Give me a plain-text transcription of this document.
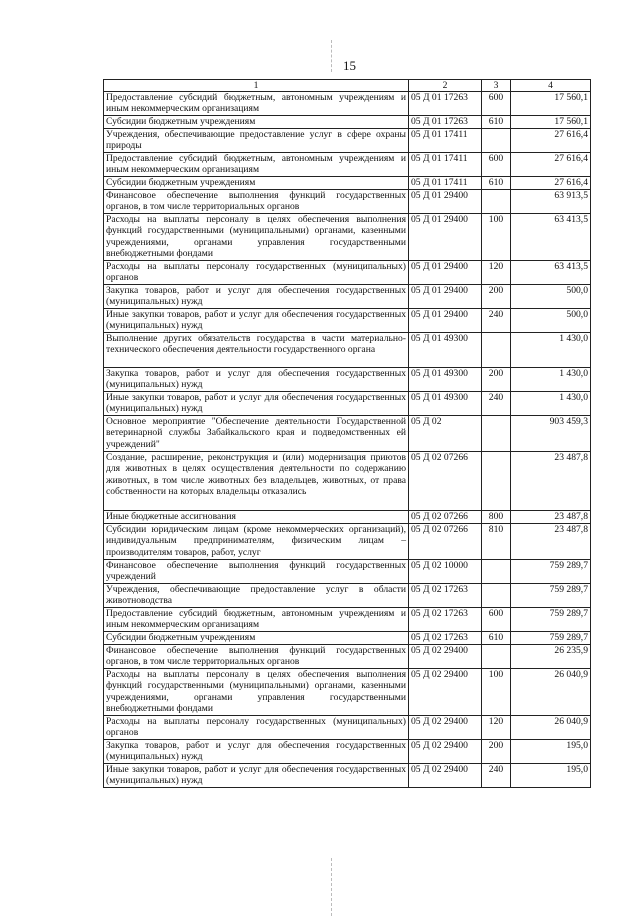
15
1	2	3	4
Предоставление субсидий бюджетным, автономным учреждениям и иным некоммерческим организациям	05 Д 01 17263	600	17 560,1
Субсидии бюджетным учреждениям	05 Д 01 17263	610	17 560,1
Учреждения, обеспечивающие предоставление услуг в сфере охраны природы	05 Д 01 17411		27 616,4
Предоставление субсидий бюджетным, автономным учреждениям и иным некоммерческим организациям	05 Д 01 17411	600	27 616,4
Субсидии бюджетным учреждениям	05 Д 01 17411	610	27 616,4
Финансовое обеспечение выполнения функций государственных органов, в том числе территориальных органов	05 Д 01 29400		63 913,5
Расходы на выплаты персоналу в целях обеспечения выполнения функций государственными (муниципальными) органами, казенными учреждениями, органами управления государственными внебюджетными фондами	05 Д 01 29400	100	63 413,5
Расходы на выплаты персоналу государственных (муниципальных) органов	05 Д 01 29400	120	63 413,5
Закупка товаров, работ и услуг для обеспечения государственных (муниципальных) нужд	05 Д 01 29400	200	500,0
Иные закупки товаров, работ и услуг для обеспечения государственных (муниципальных) нужд	05 Д 01 29400	240	500,0
Выполнение других обязательств государства в части материально-технического обеспечения деятельности государственного органа	05 Д 01 49300		1 430,0
Закупка товаров, работ и услуг для обеспечения государственных (муниципальных) нужд	05 Д 01 49300	200	1 430,0
Иные закупки товаров, работ и услуг для обеспечения государственных (муниципальных) нужд	05 Д 01 49300	240	1 430,0
Основное мероприятие "Обеспечение деятельности Государственной ветеринарной службы Забайкальского края и подведомственных ей учреждений"	05 Д 02		903 459,3
Создание, расширение, реконструкция и (или) модернизация приютов для животных в целях осуществления деятельности по содержанию животных, в том числе животных без владельцев, животных, от права собственности на которых владельцы отказались	05 Д 02 07266		23 487,8
Иные бюджетные ассигнования	05 Д 02 07266	800	23 487,8
Субсидии юридическим лицам (кроме некоммерческих организаций), индивидуальным предпринимателям, физическим лицам – производителям товаров, работ, услуг	05 Д 02 07266	810	23 487,8
Финансовое обеспечение выполнения функций государственных учреждений	05 Д 02 10000		759 289,7
Учреждения, обеспечивающие предоставление услуг в области животноводства	05 Д 02 17263		759 289,7
Предоставление субсидий бюджетным, автономным учреждениям и иным некоммерческим организациям	05 Д 02 17263	600	759 289,7
Субсидии бюджетным учреждениям	05 Д 02 17263	610	759 289,7
Финансовое обеспечение выполнения функций государственных органов, в том числе территориальных органов	05 Д 02 29400		26 235,9
Расходы на выплаты персоналу в целях обеспечения выполнения функций государственными (муниципальными) органами, казенными учреждениями, органами управления государственными внебюджетными фондами	05 Д 02 29400	100	26 040,9
Расходы на выплаты персоналу государственных (муниципальных) органов	05 Д 02 29400	120	26 040,9
Закупка товаров, работ и услуг для обеспечения государственных (муниципальных) нужд	05 Д 02 29400	200	195,0
Иные закупки товаров, работ и услуг для обеспечения государственных (муниципальных) нужд	05 Д 02 29400	240	195,0
